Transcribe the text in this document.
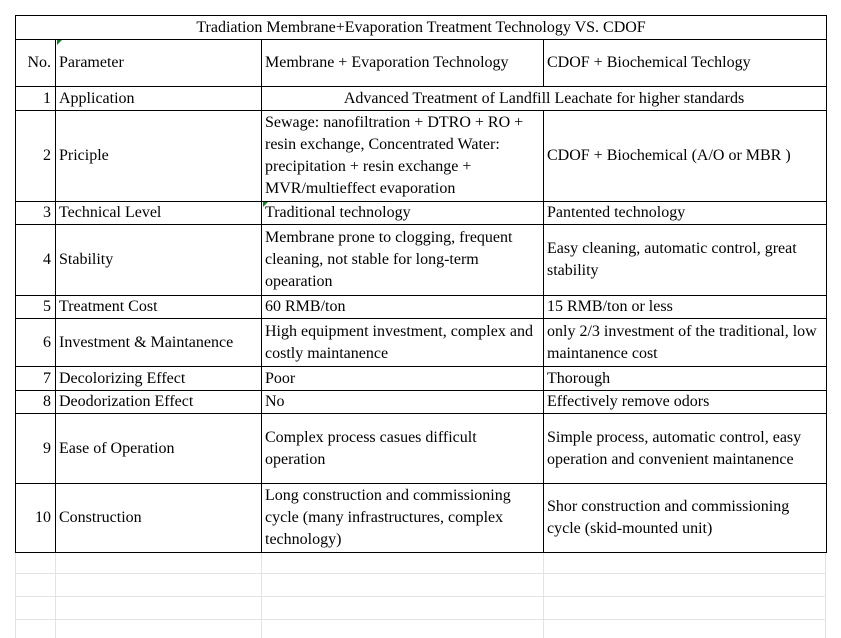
Tradiation Membrane+Evaporation Treatment Technology VS. CDOF			
No.	Parameter	Membrane + Evaporation Technology	CDOF + Biochemical Techlogy
1	Application	Advanced Treatment of Landfill Leachate for higher standards	
2	Priciple	Sewage: nanofiltration + DTRO + RO + resin exchange, Concentrated Water: precipitation + resin exchange + MVR/multieffect evaporation	CDOF + Biochemical (A/O or MBR )
3	Technical Level	Traditional technology	Pantented technology
4	Stability	Membrane prone to clogging, frequent cleaning, not stable for long-term opearation	Easy cleaning, automatic control, great stability
5	Treatment Cost	60 RMB/ton	15 RMB/ton or less
6	Investment & Maintanence	High equipment investment, complex and costly maintanence	only 2/3 investment of the traditional, low maintanence cost
7	Decolorizing Effect	Poor	Thorough
8	Deodorization Effect	No	Effectively remove odors
9	Ease of Operation	Complex process casues difficult operation	Simple process, automatic control, easy operation and convenient maintanence
10	Construction	Long construction and commissioning cycle (many infrastructures, complex technology)	Shor construction and commissioning cycle (skid-mounted unit)
